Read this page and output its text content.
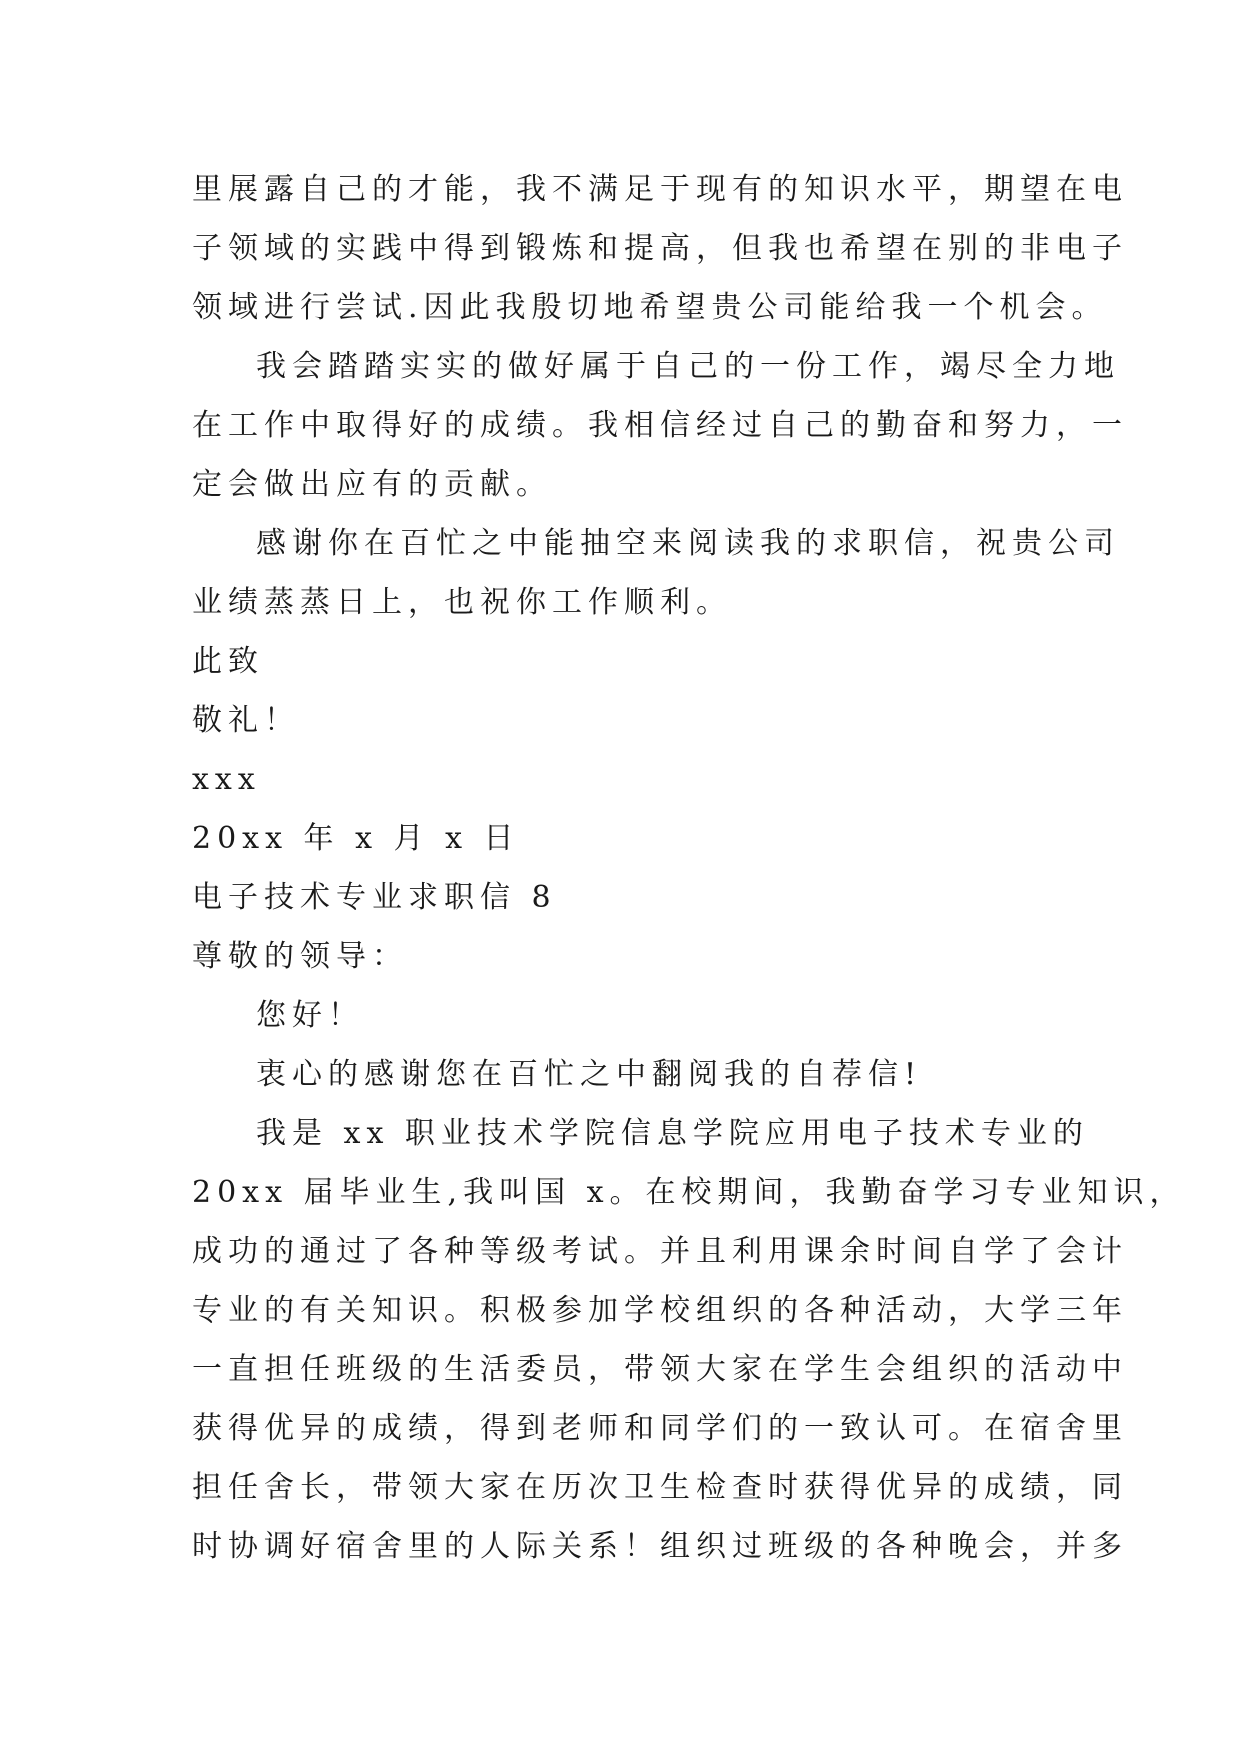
里展露自己的才能，我不满足于现有的知识水平，期望在电
子领域的实践中得到锻炼和提高，但我也希望在别的非电子
领域进行尝试.因此我殷切地希望贵公司能给我一个机会。
我会踏踏实实的做好属于自己的一份工作，竭尽全力地
在工作中取得好的成绩。我相信经过自己的勤奋和努力，一
定会做出应有的贡献。
感谢你在百忙之中能抽空来阅读我的求职信，祝贵公司
业绩蒸蒸日上，也祝你工作顺利。
此致
敬礼！
xxx
20xx 年 x 月 x 日
电子技术专业求职信 8
尊敬的领导：
您好！
衷心的感谢您在百忙之中翻阅我的自荐信!
我是 xx 职业技术学院信息学院应用电子技术专业的
20xx 届毕业生,我叫国 x。在校期间，我勤奋学习专业知识，
成功的通过了各种等级考试。并且利用课余时间自学了会计
专业的有关知识。积极参加学校组织的各种活动，大学三年
一直担任班级的生活委员，带领大家在学生会组织的活动中
获得优异的成绩，得到老师和同学们的一致认可。在宿舍里
担任舍长，带领大家在历次卫生检查时获得优异的成绩，同
时协调好宿舍里的人际关系！组织过班级的各种晚会，并多
